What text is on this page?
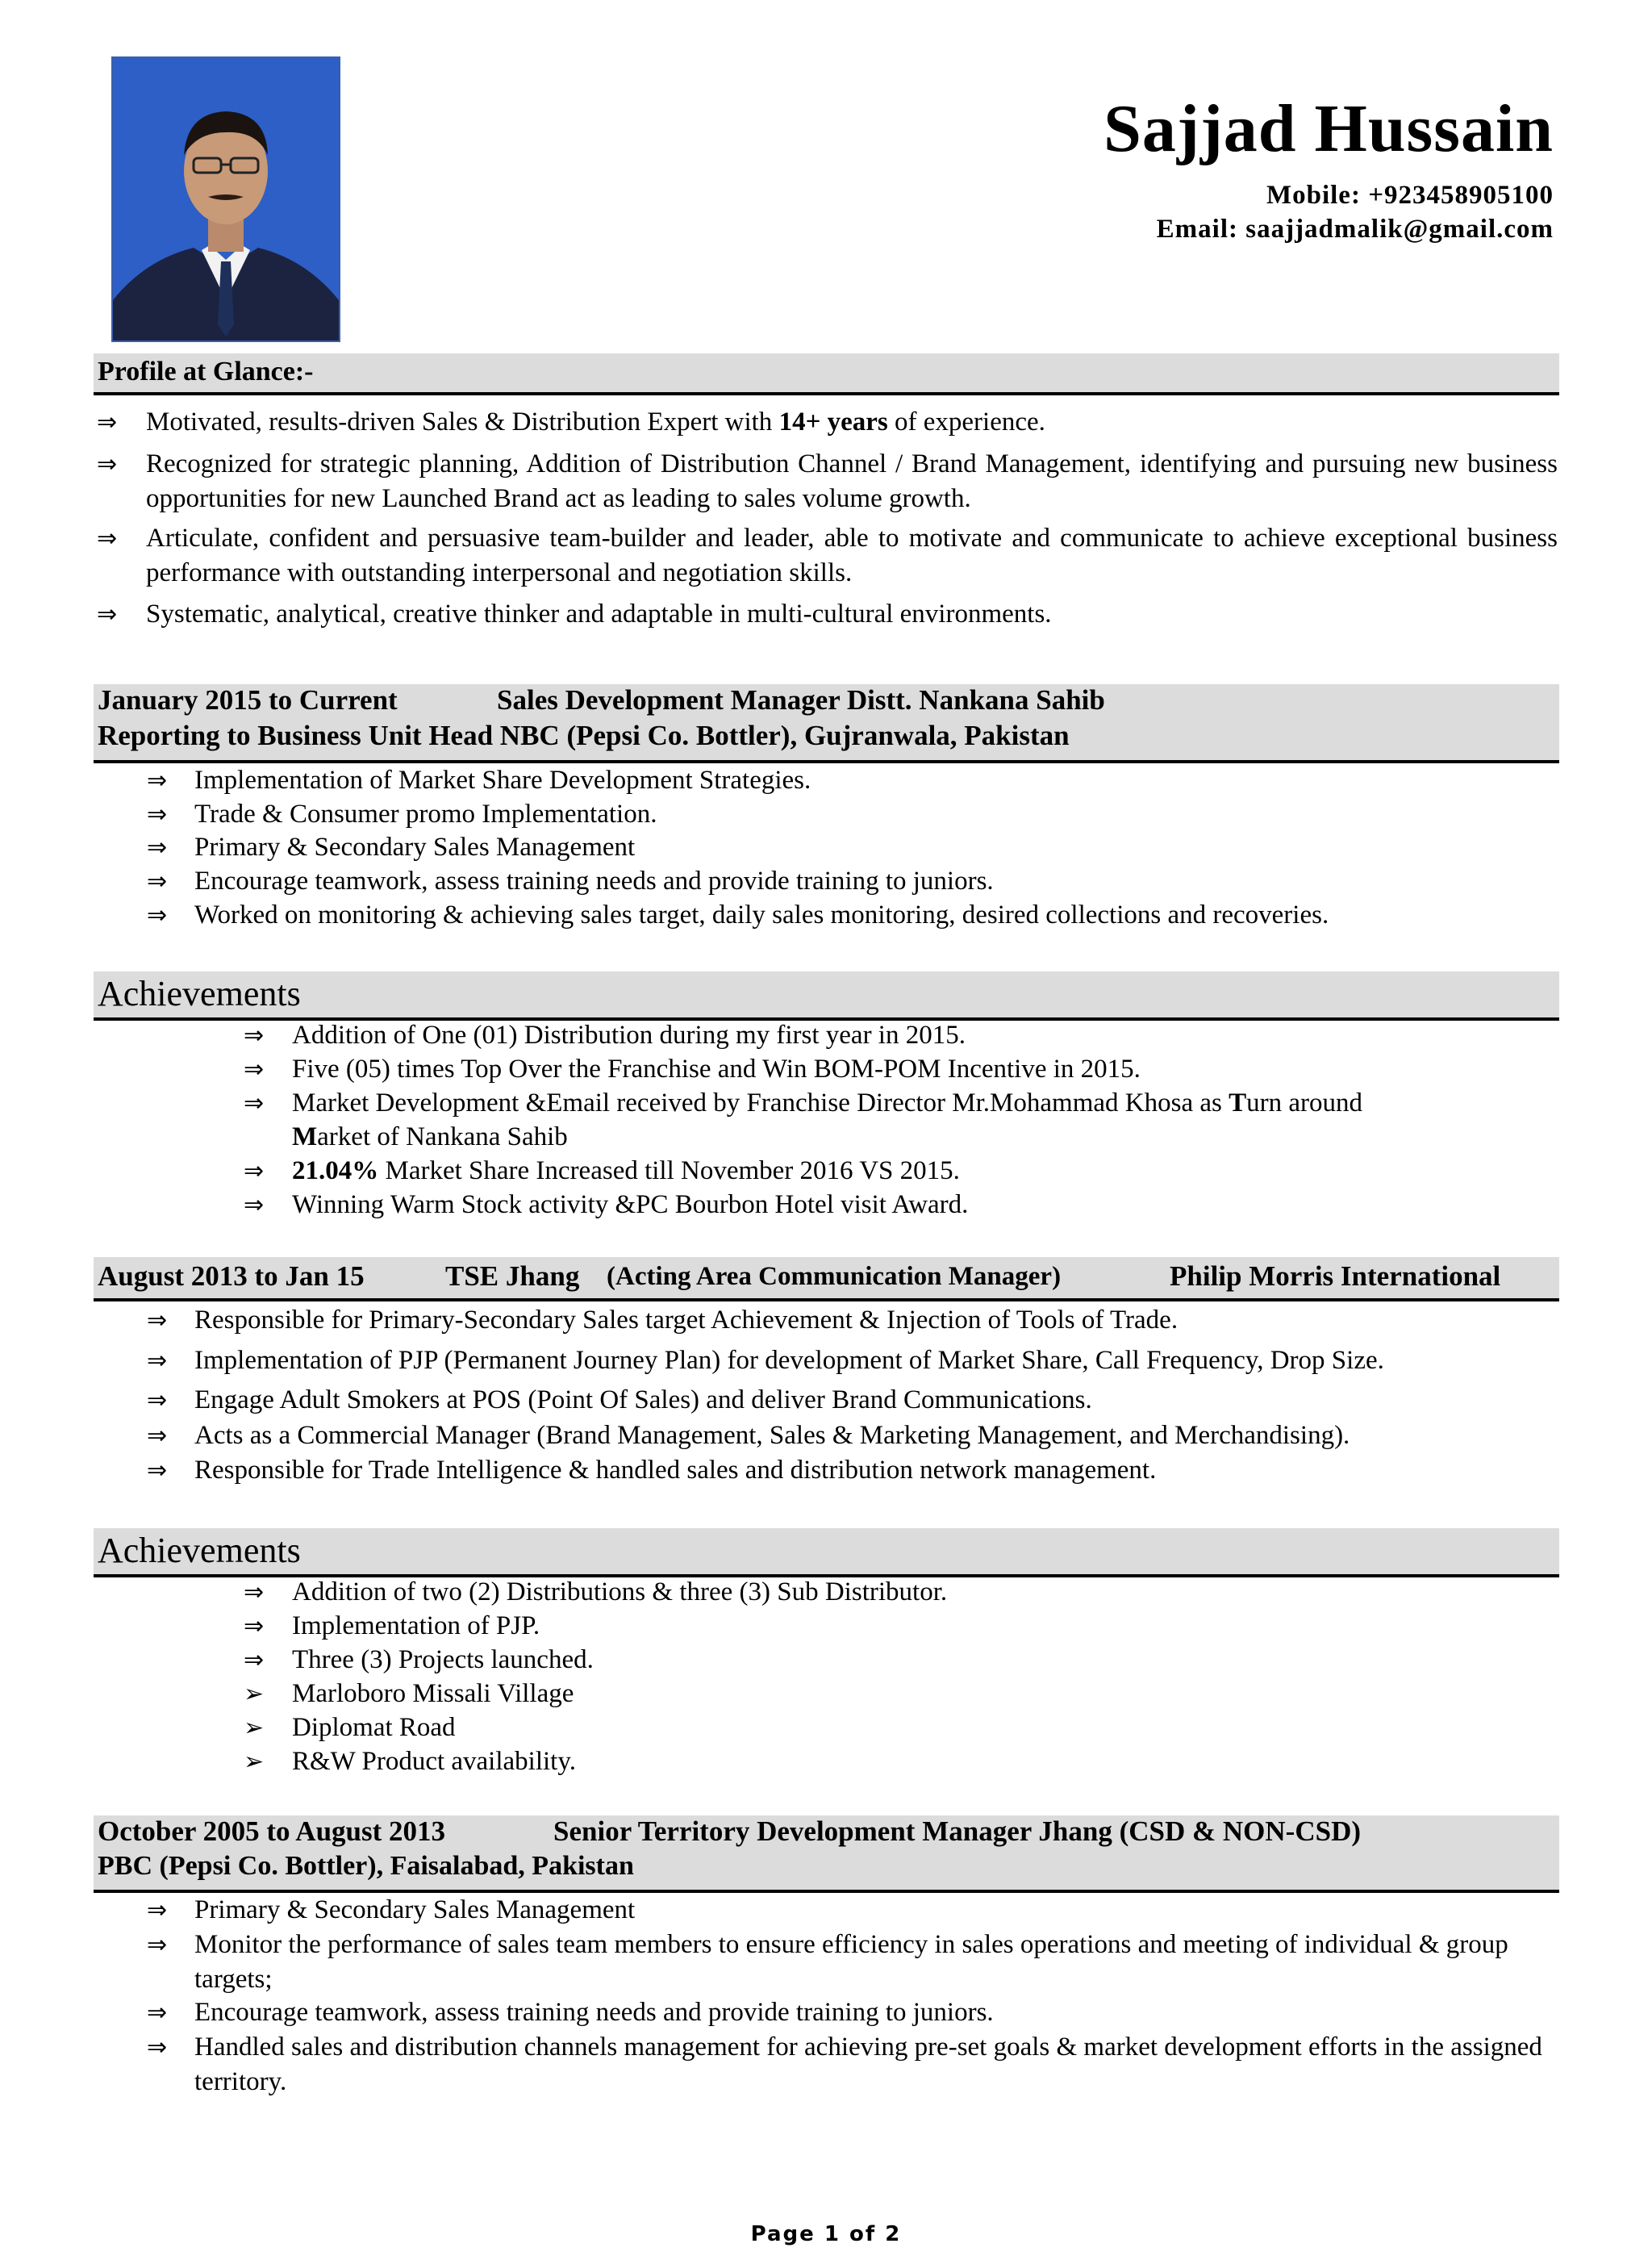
Sajjad Hussain
Mobile: +923458905100
Email: saajjadmalik@gmail.com
Profile at Glance:-
⇒ Motivated, results-driven Sales & Distribution Expert with 14+ years of experience.
⇒ Recognized for strategic planning, Addition of Distribution Channel / Brand Management, identifying and pursuing new business opportunities for new Launched Brand act as leading to sales volume growth.
⇒ Articulate, confident and persuasive team-builder and leader, able to motivate and communicate to achieve exceptional business performance with outstanding interpersonal and negotiation skills.
⇒ Systematic, analytical, creative thinker and adaptable in multi-cultural environments.
January 2015 to Current	Sales Development Manager Distt. Nankana Sahib
Reporting to Business Unit Head NBC (Pepsi Co. Bottler), Gujranwala, Pakistan
⇒ Implementation of Market Share Development Strategies.
⇒ Trade & Consumer promo Implementation.
⇒ Primary & Secondary Sales Management
⇒ Encourage teamwork, assess training needs and provide training to juniors.
⇒ Worked on monitoring & achieving sales target, daily sales monitoring, desired collections and recoveries.
Achievements
⇒ Addition of One (01) Distribution during my first year in 2015.
⇒ Five (05) times Top Over the Franchise and Win BOM-POM Incentive in 2015.
⇒ Market Development &Email received by Franchise Director Mr.Mohammad Khosa as Turn around
Market of Nankana Sahib
⇒ 21.04% Market Share Increased till November 2016 VS 2015.
⇒ Winning Warm Stock activity &PC Bourbon Hotel visit Award.
August 2013 to Jan 15	TSE Jhang (Acting Area Communication Manager)	Philip Morris International
⇒ Responsible for Primary-Secondary Sales target Achievement & Injection of Tools of Trade.
⇒ Implementation of PJP (Permanent Journey Plan) for development of Market Share, Call Frequency, Drop Size.
⇒ Engage Adult Smokers at POS (Point Of Sales) and deliver Brand Communications.
⇒ Acts as a Commercial Manager (Brand Management, Sales & Marketing Management, and Merchandising).
⇒ Responsible for Trade Intelligence & handled sales and distribution network management.
Achievements
⇒ Addition of two (2) Distributions & three (3) Sub Distributor.
⇒ Implementation of PJP.
⇒ Three (3) Projects launched.
➢ Marloboro Missali Village
➢ Diplomat Road
➢ R&W Product availability.
October 2005 to August 2013	Senior Territory Development Manager Jhang (CSD & NON-CSD)
PBC (Pepsi Co. Bottler), Faisalabad, Pakistan
⇒ Primary & Secondary Sales Management
⇒ Monitor the performance of sales team members to ensure efficiency in sales operations and meeting of individual & group targets;
⇒ Encourage teamwork, assess training needs and provide training to juniors.
⇒ Handled sales and distribution channels management for achieving pre-set goals & market development efforts in the assigned territory.
Page 1 of 2
